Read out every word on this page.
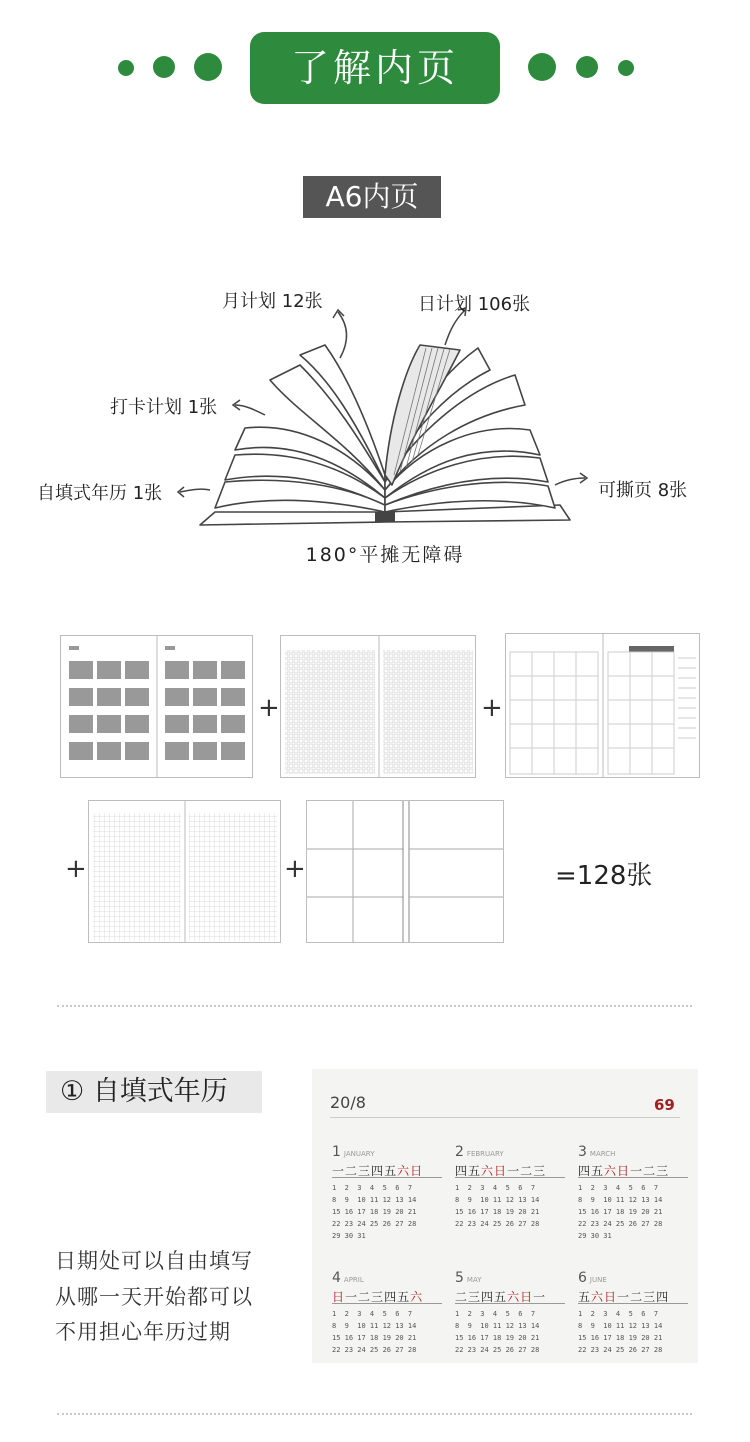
了解内页
A6内页
月计划 12张	日计划 106张
打卡计划 1张
自填式年历 1张	可撕页 8张
180°平摊无障碍
+	+
+	+	=128张
① 自填式年历
日期处可以自由填写
从哪一天开始都可以
不用担心年历过期
20/8	69
1 JANUARY
一二三四五六日
1  2  3  4  5  6  7
8  9  10 11 12 13 14
15 16 17 18 19 20 21
22 23 24 25 26 27 28
29 30 31
2 FEBRUARY
四五六日一二三
1  2  3  4  5  6  7
8  9  10 11 12 13 14
15 16 17 18 19 20 21
22 23 24 25 26 27 28
3 MARCH
四五六日一二三
1  2  3  4  5  6  7
8  9  10 11 12 13 14
15 16 17 18 19 20 21
22 23 24 25 26 27 28
29 30 31
4 APRIL
日一二三四五六
1  2  3  4  5  6  7
8  9  10 11 12 13 14
15 16 17 18 19 20 21
22 23 24 25 26 27 28
5 MAY
二三四五六日一
1  2  3  4  5  6  7
8  9  10 11 12 13 14
15 16 17 18 19 20 21
22 23 24 25 26 27 28
6 JUNE
五六日一二三四
1  2  3  4  5  6  7
8  9  10 11 12 13 14
15 16 17 18 19 20 21
22 23 24 25 26 27 28
